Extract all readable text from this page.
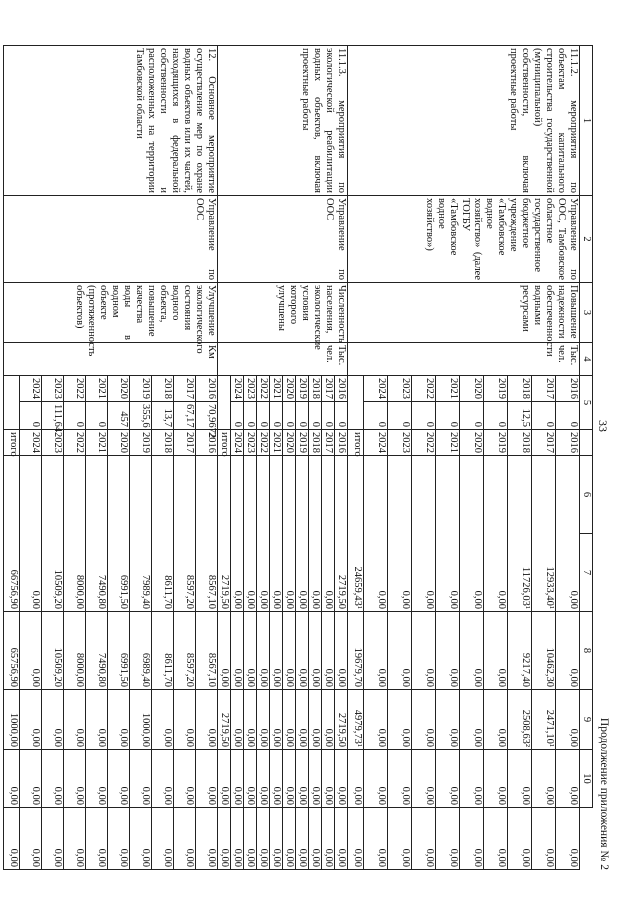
33
Продолжение приложения № 2
1	2	3	4	5			6	7	8	9	10	
11.1.2. мероприятия по объектам капитального строительства государственной (муниципальной) собственности, включая проектные работы	Управление по ООС, Тамбовское областное государственное бюджетное учреждение «Тамбовское водное хозяйство» (далее ТОГБУ «Тамбовское водное хозяйство»)	Повышение надежности обеспеченности водными ресурсами	Тыс. чел.	2016	0	2016	0,00		0,00	0,00	0,00	0,00
				2017	0	2017	12933,40¹		10462,30	2471,10¹	0,00	0,00
				2018	12,5	2018	11726,03¹		9217,40	2508,63²	0,00	0,00
				2019	0	2019	0,00		0,00	0,00	0,00	0,00
				2020	0	2020	0,00		0,00	0,00	0,00	0,00
				2021	0	2021	0,00		0,00	0,00	0,00	0,00
				2022	0	2022	0,00		0,00	0,00	0,00	0,00
				2023	0	2023	0,00		0,00	0,00	0,00	0,00
				2024	0	2024	0,00		0,00	0,00	0,00	0,00
						итого	24659,43¹		19679,70	4979,73¹	0,00	0,00
11.1.3. мероприятия по экологической реабилитации водных объектов, включая проектные работы	Управление по ООС	Численность населения, экологические условия которого улучшены	Тыс. чел.	2016	0	2016	2719,50		0,00	2719,50	0,00	0,00
				2017	0	2017	0,00		0,00	0,00	0,00	0,00
				2018	0	2018	0,00		0,00	0,00	0,00	0,00
				2019	0	2019	0,00		0,00	0,00	0,00	0,00
				2020	0	2020	0,00		0,00	0,00	0,00	0,00
				2021	0	2021	0,00		0,00	0,00	0,00	0,00
				2022	0	2022	0,00		0,00	0,00	0,00	0,00
				2023	0	2023	0,00		0,00	0,00	0,00	0,00
				2024	0	2024	0,00		0,00	0,00	0,00	0,00
						итого	2719,50		0,00	2719,50	0,00	0,00
12. Основное мероприятие осуществление мер по охране водных объектов или их частей, находящихся в федеральной собственности и расположенных на территории Тамбовской области	Управление по ООС	Улучшение экологического состояния водного объекта, повышение качества воды в водном объекте (протяженность объектов)	Км	2016	70,9672	2016	8567,10		8567,10	0,00	0,00	0,00
				2017	67,17	2017	8597,20		8597,20	0,00	0,00	0,00
				2018	13,7	2018	8611,70		8611,70	0,00	0,00	0,00
				2019	355,6	2019	7989,40		6989,40	1000,00	0,00	0,00
				2020	457	2020	6991,50		6991,50	0,00	0,00	0,00
				2021	0	2021	7490,80		7490,80	0,00	0,00	0,00
				2022	0	2022	8000,00		8000,00	0,00	0,00	0,00
				2023	111,64	2023	10509,20		10509,20	0,00	0,00	0,00
				2024	0	2024	0,00		0,00	0,00	0,00	0,00
						итого	66756,90		65756,90	1000,00	0,00	0,00
